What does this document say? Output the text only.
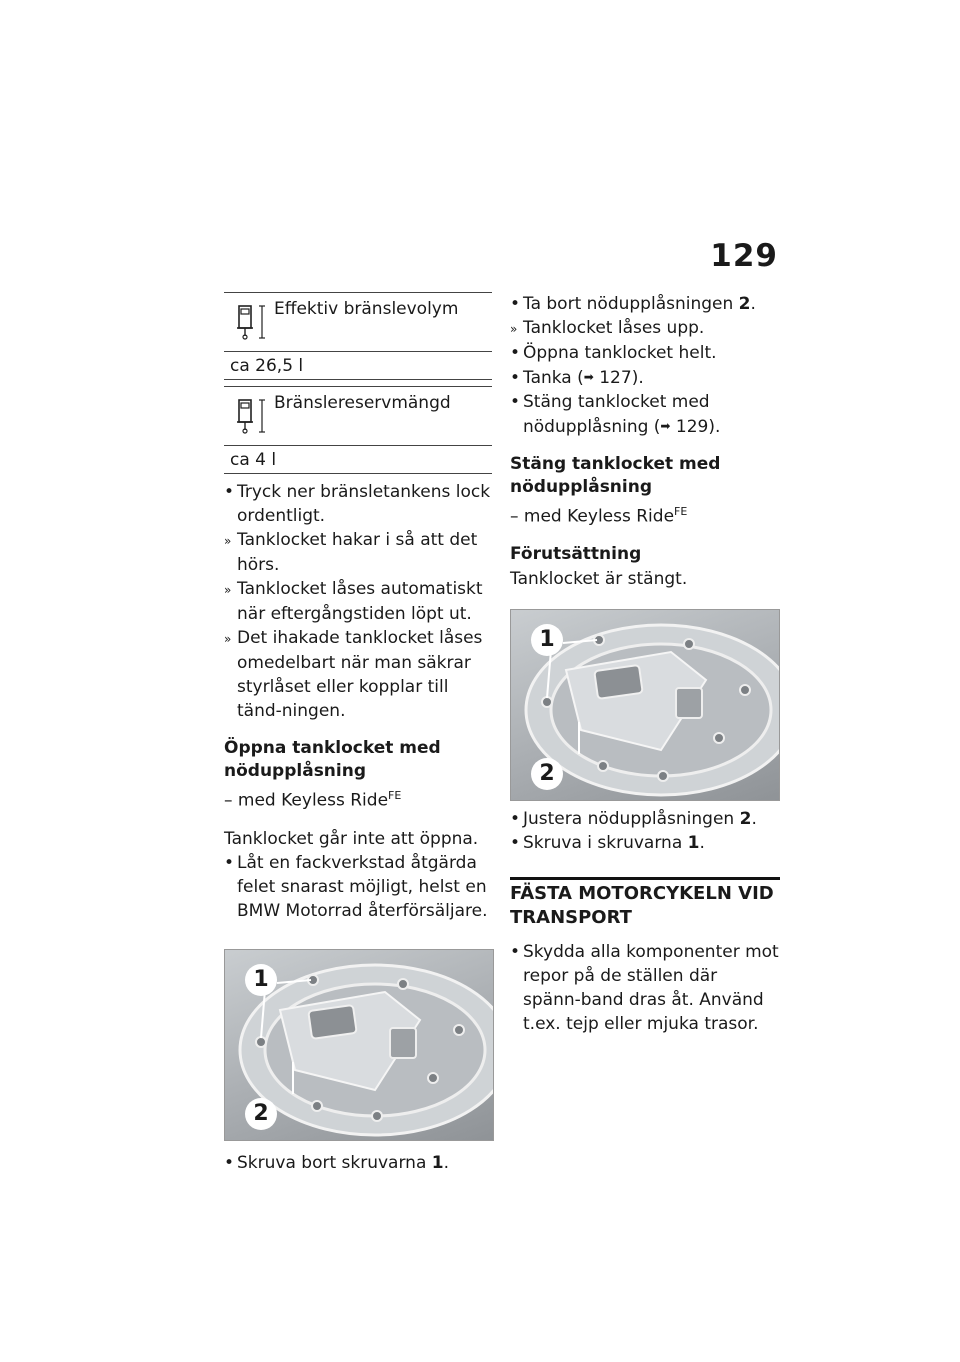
129
Effektiv bränslevolym
ca 26,5 l
Bränslereservmängd
ca 4 l

• Tryck ner bränsletankens lock ordentligt.

» Tanklocket hakar i så att det hörs.

» Tanklocket låses automatiskt när eftergångstiden löpt ut.

» Det ihakade tanklocket låses omedelbart när man säkrar styrlåset eller kopplar till tänd-ningen.

Öppna tanklocket med nödupplåsning

– med Keyless Ride$^{FE}$

Tanklocket går inte att öppna.

• Låt en fackverkstad åtgärda felet snarast möjligt, helst en BMW Motorrad återförsäljare.

1
2

• Skruva bort skruvarna 1.

• Ta bort nödupplåsningen 2.

» Tanklocket låses upp.

• Öppna tanklocket helt.

• Tanka (➡ 127).

• Stäng tanklocket med nödupplåsning (➡ 129).

Stäng tanklocket med nödupplåsning

– med Keyless Ride$^{FE}$

Förutsättning

Tanklocket är stängt.

1
2

• Justera nödupplåsningen 2.

• Skruva i skruvarna 1.

FÄSTA MOTORCYKELN VID TRANSPORT

• Skydda alla komponenter mot repor på de ställen där spänn-band dras åt. Använd t.ex. tejp eller mjuka trasor.
